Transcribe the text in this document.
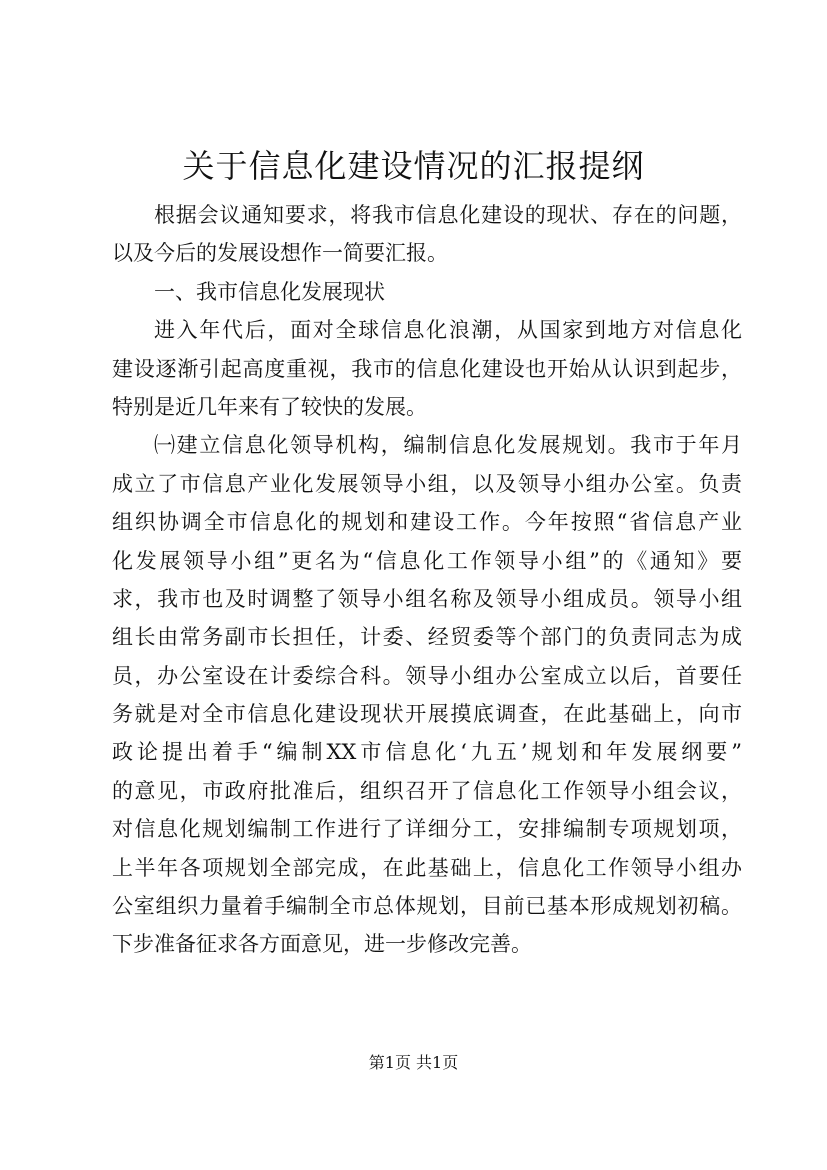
关于信息化建设情况的汇报提纲
根据会议通知要求，将我市信息化建设的现状、存在的问题，
以及今后的发展设想作一简要汇报。
一、我市信息化发展现状
进入年代后，面对全球信息化浪潮，从国家到地方对信息化
建设逐渐引起高度重视，我市的信息化建设也开始从认识到起步，
特别是近几年来有了较快的发展。
㈠建立信息化领导机构，编制信息化发展规划。我市于年月
成立了市信息产业化发展领导小组，以及领导小组办公室。负责
组织协调全市信息化的规划和建设工作。今年按照“省信息产业
化发展领导小组”更名为“信息化工作领导小组”的《通知》要
求，我市也及时调整了领导小组名称及领导小组成员。领导小组
组长由常务副市长担任，计委、经贸委等个部门的负责同志为成
员，办公室设在计委综合科。领导小组办公室成立以后，首要任
务就是对全市信息化建设现状开展摸底调查，在此基础上，向市
政论提出着手“编制XX市信息化‘九五’规划和年发展纲要”
的意见，市政府批准后，组织召开了信息化工作领导小组会议，
对信息化规划编制工作进行了详细分工，安排编制专项规划项，
上半年各项规划全部完成，在此基础上，信息化工作领导小组办
公室组织力量着手编制全市总体规划，目前已基本形成规划初稿。
下步准备征求各方面意见，进一步修改完善。
第1页 共1页
